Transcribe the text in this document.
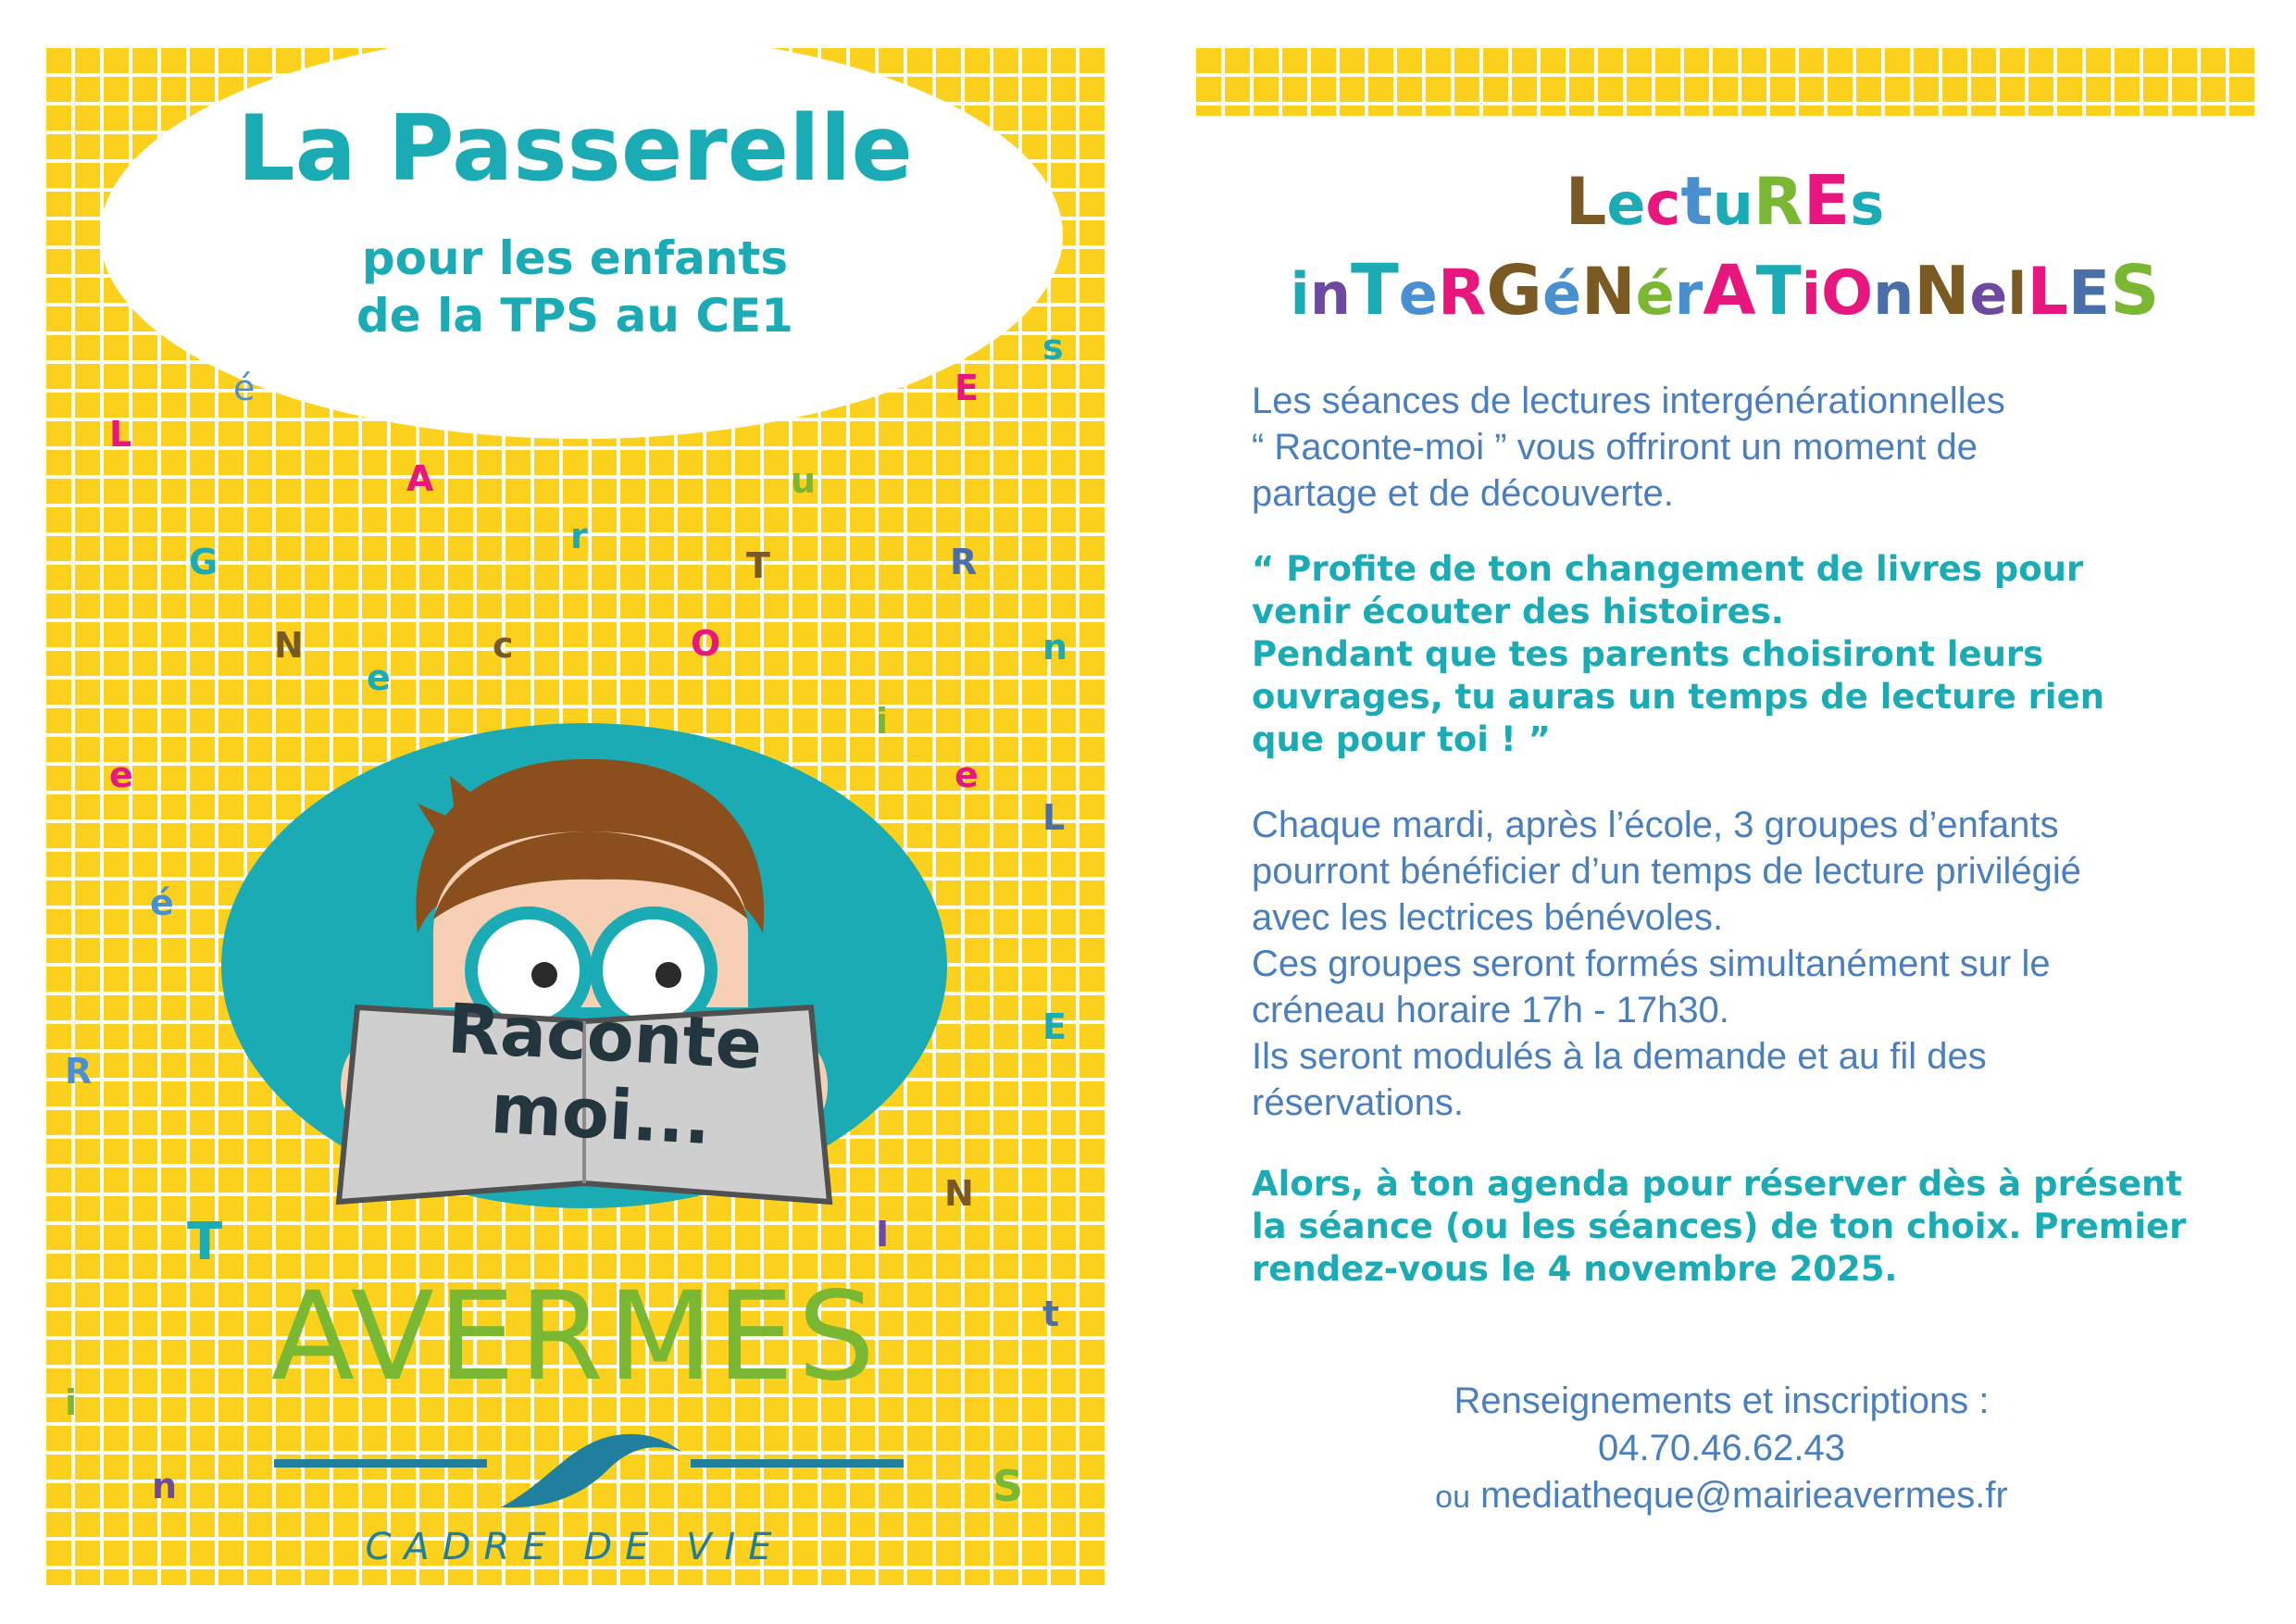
La Passerelle
pour les enfants
de la TPS au CE1
s
é	E
L
A	u
r
G	T	R
N	c	O	n
e
i
e	e
L
é
E
R
N
T	I
t
i
n	S
Raconte
moi...
AVERMES
CADRE DE VIE
LectuREs
inTeRGéNérATiOnNelLES

Les séances de lectures intergénérationnelles
“ Raconte-moi ” vous offriront un moment de
partage et de découverte.

“ Profite de ton changement de livres pour
venir écouter des histoires.
Pendant que tes parents choisiront leurs
ouvrages, tu auras un temps de lecture rien
que pour toi ! ”

Chaque mardi, après l’école, 3 groupes d’enfants
pourront bénéficier d’un temps de lecture privilégié
avec les lectrices bénévoles.
Ces groupes seront formés simultanément sur le
créneau horaire 17h - 17h30.
Ils seront modulés à la demande et au fil des
réservations.

Alors, à ton agenda pour réserver dès à présent
la séance (ou les séances) de ton choix. Premier
rendez-vous le 4 novembre 2025.

Renseignements et inscriptions :
04.70.46.62.43
ou mediatheque@mairieavermes.fr
